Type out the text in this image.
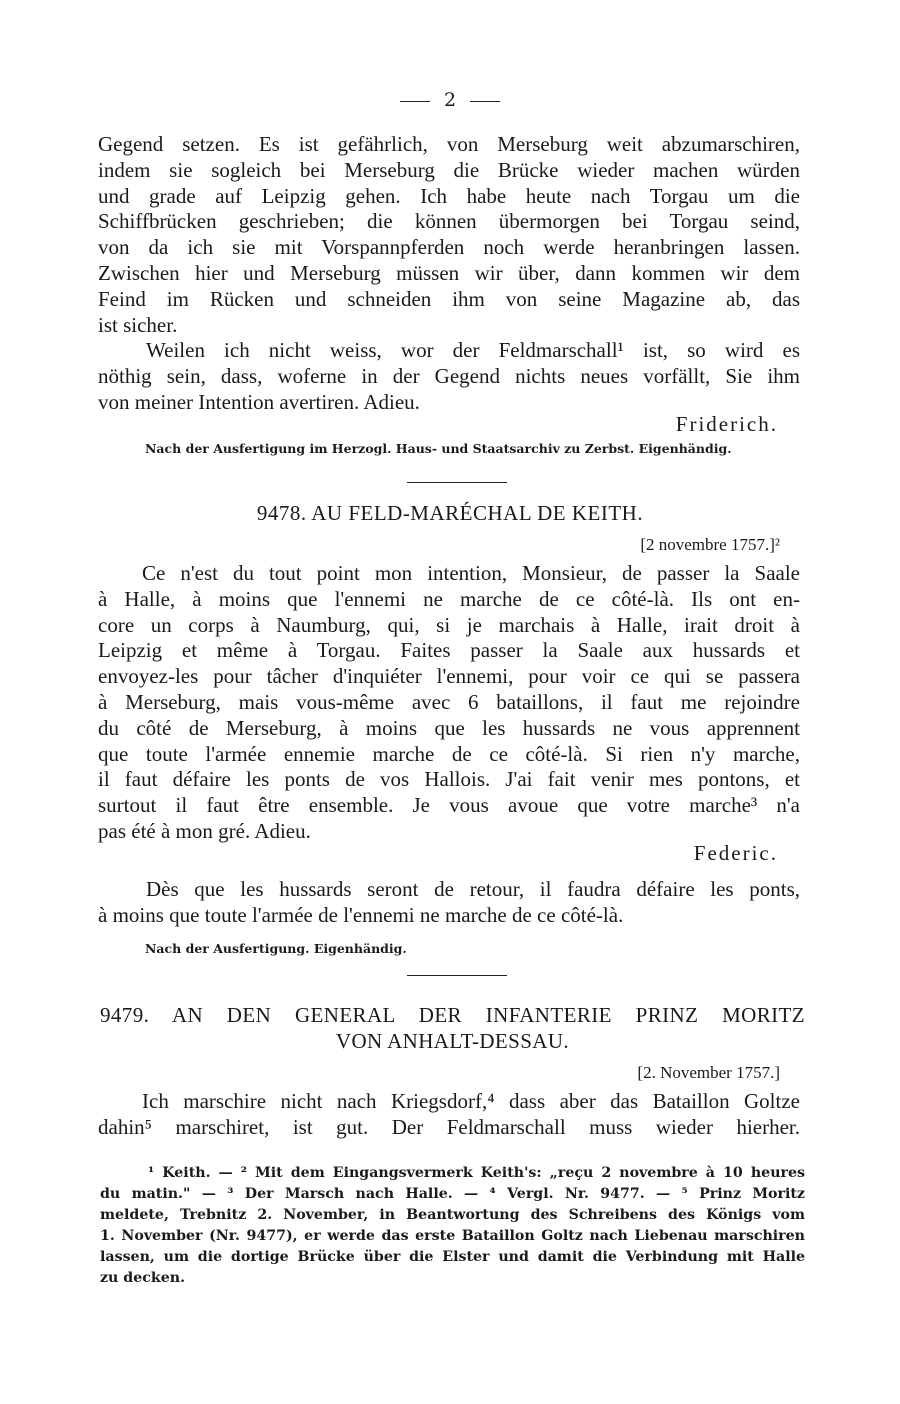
2
Gegend setzen. Es ist gefährlich, von Merseburg weit abzumarschiren,
indem sie sogleich bei Merseburg die Brücke wieder machen würden
und grade auf Leipzig gehen. Ich habe heute nach Torgau um die
Schiffbrücken geschrieben; die können übermorgen bei Torgau seind,
von da ich sie mit Vorspannpferden noch werde heranbringen lassen.
Zwischen hier und Merseburg müssen wir über, dann kommen wir dem
Feind im Rücken und schneiden ihm von seine Magazine ab, das
ist sicher.
Weilen ich nicht weiss, wor der Feldmarschall¹ ist, so wird es
nöthig sein, dass, woferne in der Gegend nichts neues vorfällt, Sie ihm
von meiner Intention avertiren. Adieu.
Friderich.
Nach der Ausfertigung im Herzogl. Haus- und Staatsarchiv zu Zerbst. Eigenhändig.
9478. AU FELD-MARÉCHAL DE KEITH.
[2 novembre 1757.]²
Ce n'est du tout point mon intention, Monsieur, de passer la Saale
à Halle, à moins que l'ennemi ne marche de ce côté-là. Ils ont en-
core un corps à Naumburg, qui, si je marchais à Halle, irait droit à
Leipzig et même à Torgau. Faites passer la Saale aux hussards et
envoyez-les pour tâcher d'inquiéter l'ennemi, pour voir ce qui se passera
à Merseburg, mais vous-même avec 6 bataillons, il faut me rejoindre
du côté de Merseburg, à moins que les hussards ne vous apprennent
que toute l'armée ennemie marche de ce côté-là. Si rien n'y marche,
il faut défaire les ponts de vos Hallois. J'ai fait venir mes pontons, et
surtout il faut être ensemble. Je vous avoue que votre marche³ n'a
pas été à mon gré. Adieu.
Federic.
Dès que les hussards seront de retour, il faudra défaire les ponts,
à moins que toute l'armée de l'ennemi ne marche de ce côté-là.
Nach der Ausfertigung. Eigenhändig.
9479. AN DEN GENERAL DER INFANTERIE PRINZ MORITZ
VON ANHALT-DESSAU.
[2. November 1757.]
Ich marschire nicht nach Kriegsdorf,⁴ dass aber das Bataillon Goltze
dahin⁵ marschiret, ist gut. Der Feldmarschall muss wieder hierher.
¹ Keith. — ² Mit dem Eingangsvermerk Keith's: „reçu 2 novembre à 10 heures
du matin." — ³ Der Marsch nach Halle. — ⁴ Vergl. Nr. 9477. — ⁵ Prinz Moritz
meldete, Trebnitz 2. November, in Beantwortung des Schreibens des Königs vom
1. November (Nr. 9477), er werde das erste Bataillon Goltz nach Liebenau marschiren
lassen, um die dortige Brücke über die Elster und damit die Verbindung mit Halle
zu decken.
